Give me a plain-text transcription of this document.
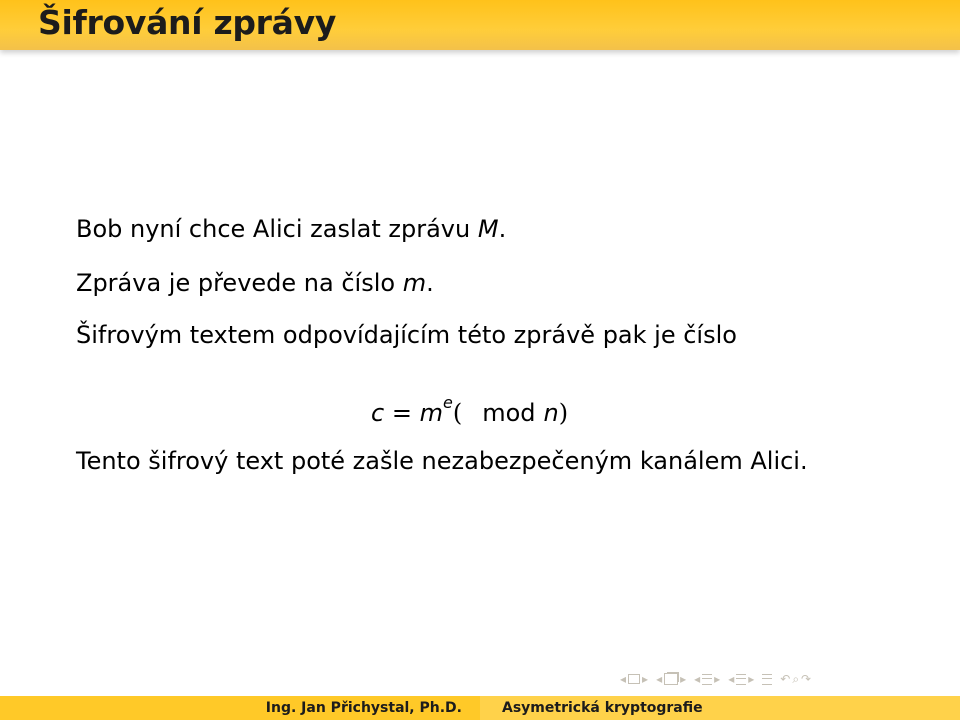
Šifrování zprávy
Bob nyní chce Alici zaslat zprávu M.
Zpráva je převede na číslo m.
Šifrovým textem odpovídajícím této zprávě pak je číslo
$c = m^e$( mod n)
Tento šifrový text poté zašle nezabezpečeným kanálem Alici.
◂ ▸ ◂ ▸ ◂ ▸ ◂ ▸ ↶ ⌕ ↷
Ing. Jan Přichystal, Ph.D.	Asymetrická kryptografie
